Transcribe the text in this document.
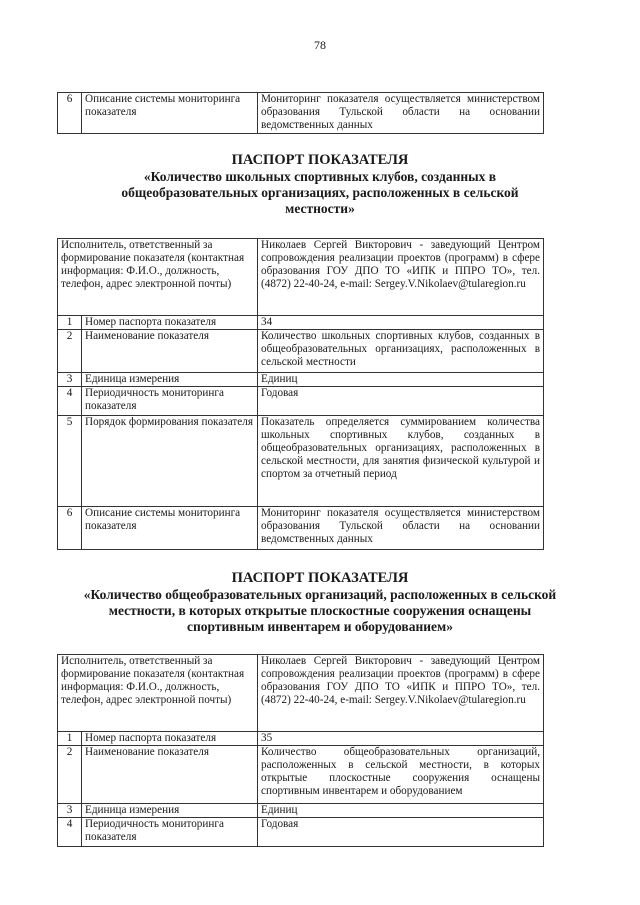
78
6	Описание системы мониторинга показателя	Мониторинг показателя осуществляется министерством образования Тульской области на основании ведомственных данных
ПАСПОРТ ПОКАЗАТЕЛЯ
«Количество школьных спортивных клубов, созданных в общеобразовательных организациях, расположенных в сельской местности»
Исполнитель, ответственный за формирование показателя (контактная информация: Ф.И.О., должность, телефон, адрес электронной почты)		Николаев Сергей Викторович - заведующий Центром сопровождения реализации проектов (программ) в сфере образования ГОУ ДПО ТО «ИПК и ППРО ТО», тел. (4872) 22-40-24, e-mail: Sergey.V.Nikolaev@tularegion.ru
1	Номер паспорта показателя	34
2	Наименование показателя	Количество школьных спортивных клубов, созданных в общеобразовательных организациях, расположенных в сельской местности
3	Единица измерения	Единиц
4	Периодичность мониторинга показателя	Годовая
5	Порядок формирования показателя	Показатель определяется суммированием количества школьных спортивных клубов, созданных в общеобразовательных организациях, расположенных в сельской местности, для занятия физической культурой и спортом за отчетный период
6	Описание системы мониторинга показателя	Мониторинг показателя осуществляется министерством образования Тульской области на основании ведомственных данных
ПАСПОРТ ПОКАЗАТЕЛЯ
«Количество общеобразовательных организаций, расположенных в сельской местности, в которых открытые плоскостные сооружения оснащены спортивным инвентарем и оборудованием»
Исполнитель, ответственный за формирование показателя (контактная информация: Ф.И.О., должность, телефон, адрес электронной почты)		Николаев Сергей Викторович - заведующий Центром сопровождения реализации проектов (программ) в сфере образования ГОУ ДПО ТО «ИПК и ППРО ТО», тел. (4872) 22-40-24, e-mail: Sergey.V.Nikolaev@tularegion.ru
1	Номер паспорта показателя	35
2	Наименование показателя	Количество общеобразовательных организаций, расположенных в сельской местности, в которых открытые плоскостные сооружения оснащены спортивным инвентарем и оборудованием
3	Единица измерения	Единиц
4	Периодичность мониторинга показателя	Годовая
